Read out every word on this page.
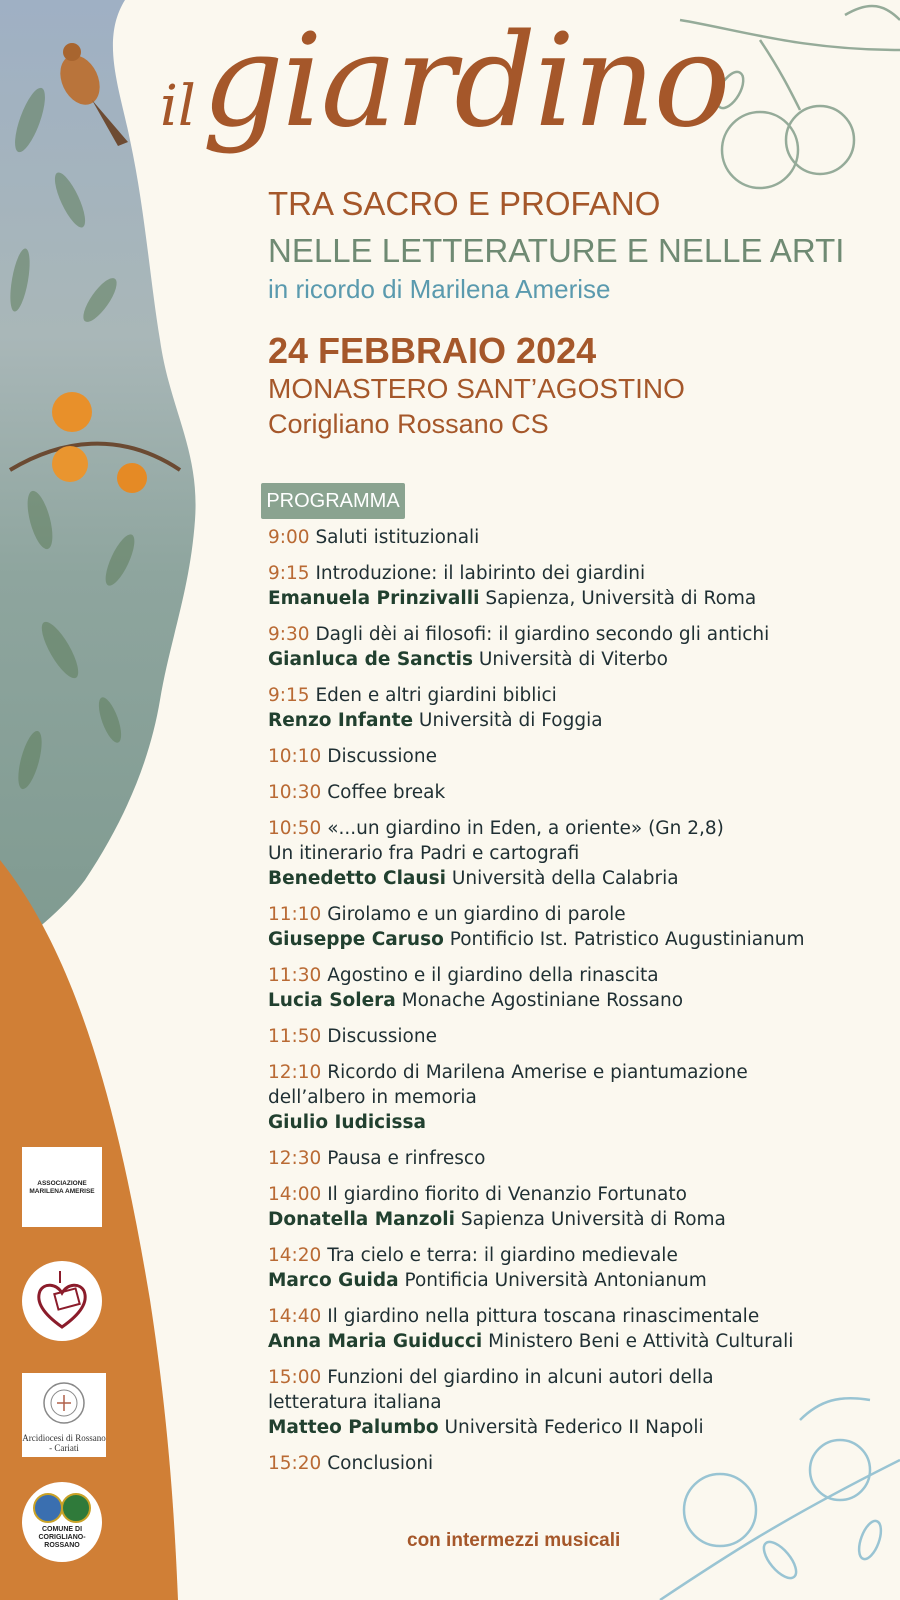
ilgiardino
TRA SACRO E PROFANO
NELLE LETTERATURE E NELLE ARTI
in ricordo di Marilena Amerise
24 FEBBRAIO 2024
MONASTERO SANT’AGOSTINO
Corigliano Rossano CS
PROGRAMMA
9:00 Saluti istituzionali
9:15 Introduzione: il labirinto dei giardini
Emanuela Prinzivalli Sapienza, Università di Roma
9:30 Dagli dèi ai filosofi: il giardino secondo gli antichi
Gianluca de Sanctis Università di Viterbo
9:15 Eden e altri giardini biblici
Renzo Infante Università di Foggia
10:10 Discussione
10:30 Coffee break
10:50 «...un giardino in Eden, a oriente» (Gn 2,8)
Un itinerario fra Padri e cartografi
Benedetto Clausi Università della Calabria
11:10 Girolamo e un giardino di parole
Giuseppe Caruso Pontificio Ist. Patristico Augustinianum
11:30 Agostino e il giardino della rinascita
Lucia Solera Monache Agostiniane Rossano
11:50 Discussione
12:10 Ricordo di Marilena Amerise e piantumazione
dell’albero in memoria
Giulio Iudicissa
12:30 Pausa e rinfresco
14:00 Il giardino fiorito di Venanzio Fortunato
Donatella Manzoli Sapienza Università di Roma
14:20 Tra cielo e terra: il giardino medievale
Marco Guida Pontificia Università Antonianum
14:40 Il giardino nella pittura toscana rinascimentale
Anna Maria Guiducci Ministero Beni e Attività Culturali
15:00 Funzioni del giardino in alcuni autori della
letteratura italiana
Matteo Palumbo Università Federico II Napoli
15:20 Conclusioni
ASSOCIAZIONE MARILENA AMERISE
Arcidiocesi di Rossano - Cariati
COMUNE DI CORIGLIANO-ROSSANO	con intermezzi musicali
